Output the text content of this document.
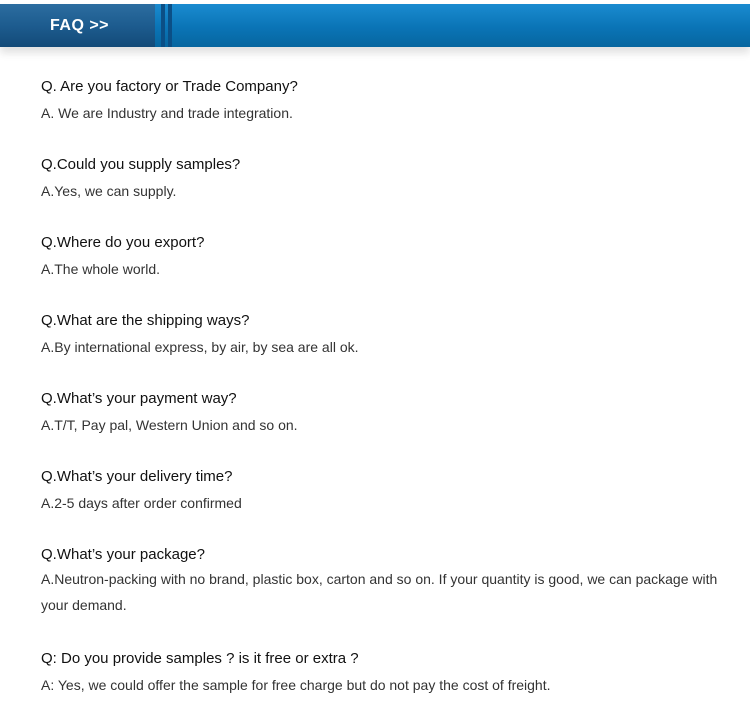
FAQ >>
Q. Are you factory or Trade Company?
A. We are Industry and trade integration.
Q.Could you supply samples?
A.Yes, we can supply.
Q.Where do you export?
A.The whole world.
Q.What are the shipping ways?
A.By international express, by air, by sea are all ok.
Q.What’s your payment way?
A.T/T, Pay pal, Western Union and so on.
Q.What’s your delivery time?
A.2-5 days after order confirmed
Q.What’s your package?
A.Neutron-packing with no brand, plastic box, carton and so on. If your quantity is good, we can package with your demand.
Q: Do you provide samples ? is it free or extra ?
A: Yes, we could offer the sample for free charge but do not pay the cost of freight.
